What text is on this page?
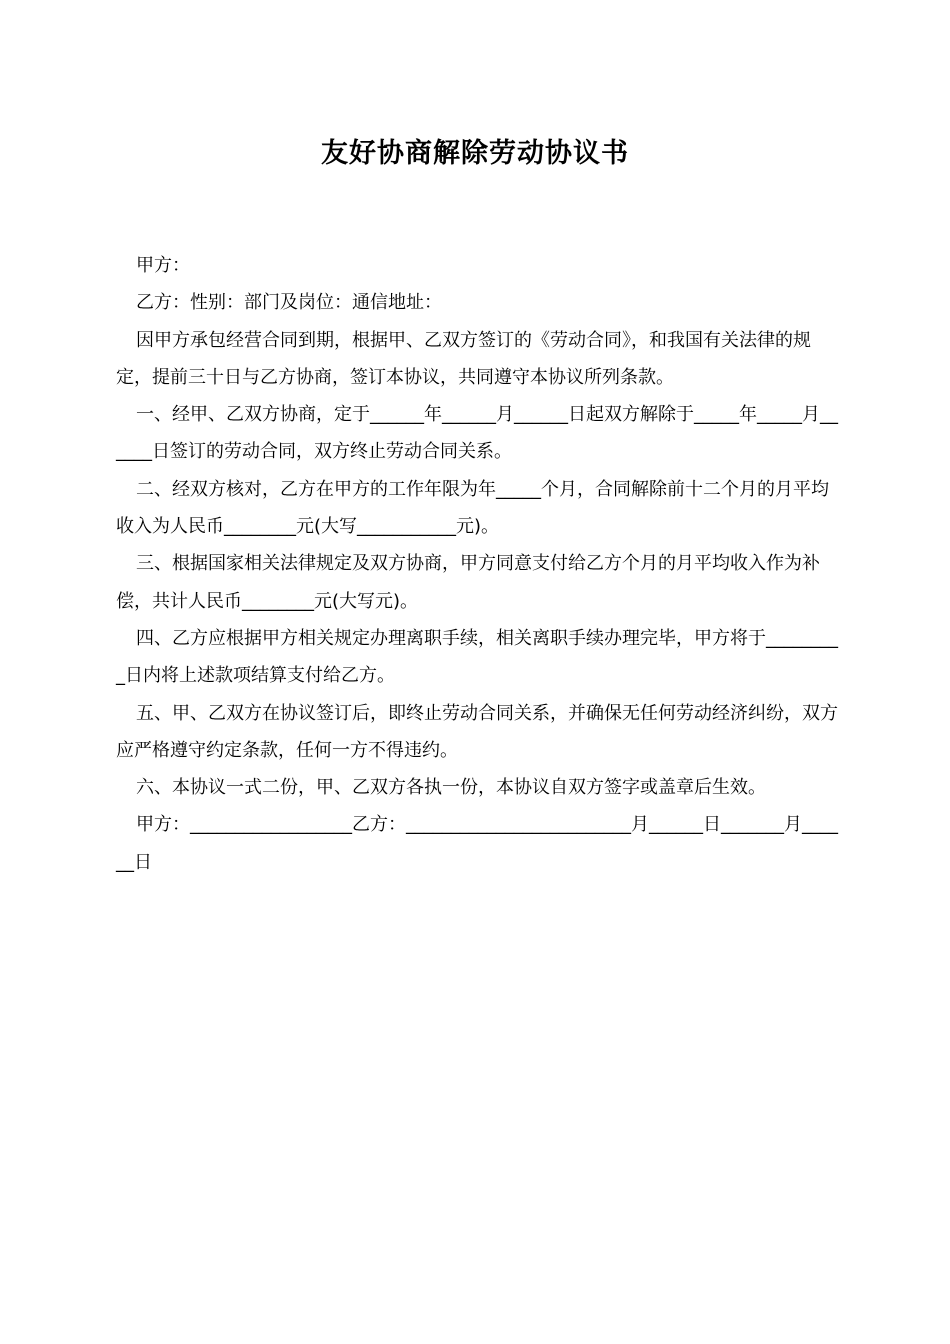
友好协商解除劳动协议书

甲方：

乙方：性别：部门及岗位：通信地址：

因甲方承包经营合同到期，根据甲、乙双方签订的《劳动合同》，和我国有关法律的规定，提前三十日与乙方协商，签订本协议，共同遵守本协议所列条款。

一、经甲、乙双方协商，定于______年______月______日起双方解除于_____年_____月______日签订的劳动合同，双方终止劳动合同关系。

二、经双方核对，乙方在甲方的工作年限为年_____个月，合同解除前十二个月的月平均收入为人民币________元(大写___________元)。

三、根据国家相关法律规定及双方协商，甲方同意支付给乙方个月的月平均收入作为补偿，共计人民币________元(大写元)。

四、乙方应根据甲方相关规定办理离职手续，相关离职手续办理完毕，甲方将于_________日内将上述款项结算支付给乙方。

五、甲、乙双方在协议签订后，即终止劳动合同关系，并确保无任何劳动经济纠纷，双方应严格遵守约定条款，任何一方不得违约。

六、本协议一式二份，甲、乙双方各执一份，本协议自双方签字或盖章后生效。

甲方：__________________乙方：_________________________月______日_______月______日
